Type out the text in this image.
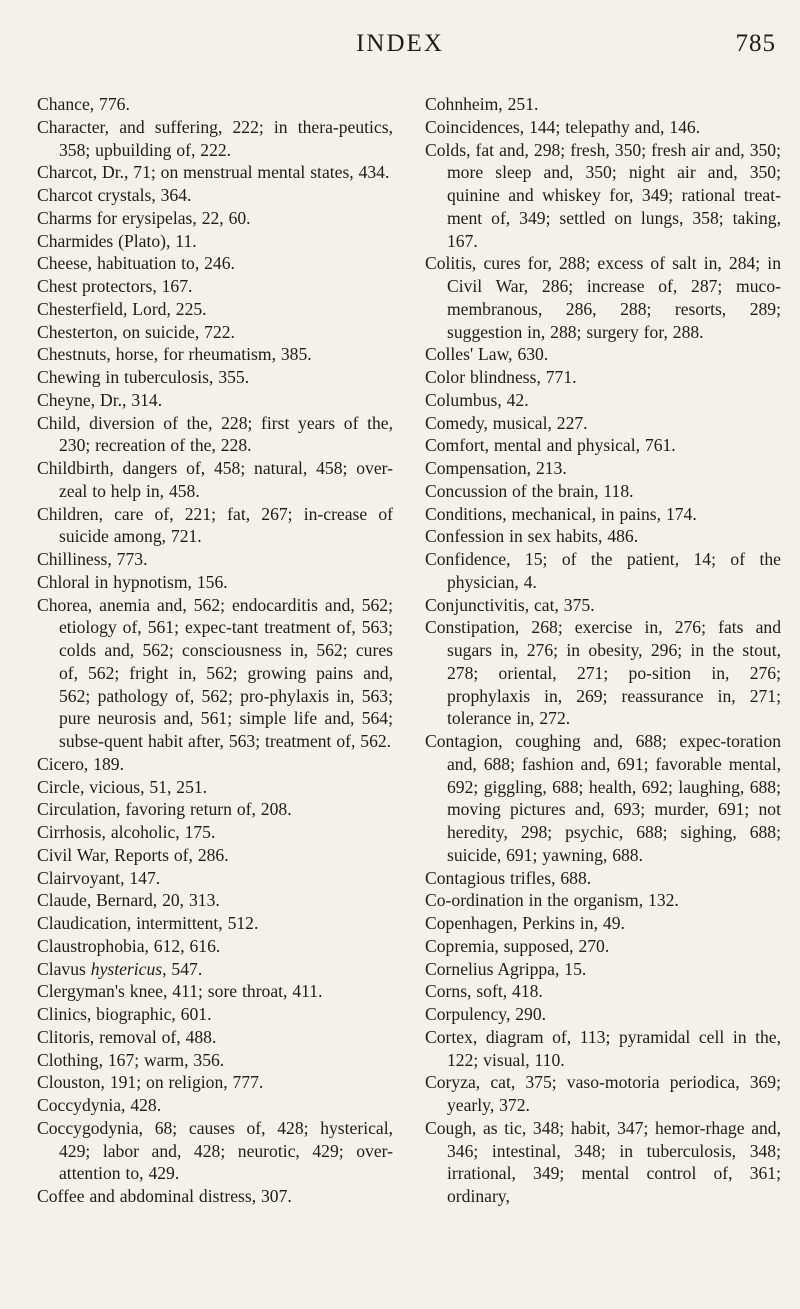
INDEX	785

Chance, 776.

Character, and suffering, 222; in thera-peutics, 358; upbuilding of, 222.

Charcot, Dr., 71; on menstrual mental states, 434.

Charcot crystals, 364.

Charms for erysipelas, 22, 60.

Charmides (Plato), 11.

Cheese, habituation to, 246.

Chest protectors, 167.

Chesterfield, Lord, 225.

Chesterton, on suicide, 722.

Chestnuts, horse, for rheumatism, 385.

Chewing in tuberculosis, 355.

Cheyne, Dr., 314.

Child, diversion of the, 228; first years of the, 230; recreation of the, 228.

Childbirth, dangers of, 458; natural, 458; over-zeal to help in, 458.

Children, care of, 221; fat, 267; in-crease of suicide among, 721.

Chilliness, 773.

Chloral in hypnotism, 156.

Chorea, anemia and, 562; endocarditis and, 562; etiology of, 561; expec-tant treatment of, 563; colds and, 562; consciousness in, 562; cures of, 562; fright in, 562; growing pains and, 562; pathology of, 562; pro-phylaxis in, 563; pure neurosis and, 561; simple life and, 564; subse-quent habit after, 563; treatment of, 562.

Cicero, 189.

Circle, vicious, 51, 251.

Circulation, favoring return of, 208.

Cirrhosis, alcoholic, 175.

Civil War, Reports of, 286.

Clairvoyant, 147.

Claude, Bernard, 20, 313.

Claudication, intermittent, 512.

Claustrophobia, 612, 616.

Clavus hystericus, 547.

Clergyman's knee, 411; sore throat, 411.

Clinics, biographic, 601.

Clitoris, removal of, 488.

Clothing, 167; warm, 356.

Clouston, 191; on religion, 777.

Coccydynia, 428.

Coccygodynia, 68; causes of, 428; hysterical, 429; labor and, 428; neurotic, 429; over-attention to, 429.

Coffee and abdominal distress, 307.

Cohnheim, 251.

Coincidences, 144; telepathy and, 146.

Colds, fat and, 298; fresh, 350; fresh air and, 350; more sleep and, 350; night air and, 350; quinine and whiskey for, 349; rational treat-ment of, 349; settled on lungs, 358; taking, 167.

Colitis, cures for, 288; excess of salt in, 284; in Civil War, 286; increase of, 287; muco-membranous, 286, 288; resorts, 289; suggestion in, 288; surgery for, 288.

Colles' Law, 630.

Color blindness, 771.

Columbus, 42.

Comedy, musical, 227.

Comfort, mental and physical, 761.

Compensation, 213.

Concussion of the brain, 118.

Conditions, mechanical, in pains, 174.

Confession in sex habits, 486.

Confidence, 15; of the patient, 14; of the physician, 4.

Conjunctivitis, cat, 375.

Constipation, 268; exercise in, 276; fats and sugars in, 276; in obesity, 296; in the stout, 278; oriental, 271; po-sition in, 276; prophylaxis in, 269; reassurance in, 271; tolerance in, 272.

Contagion, coughing and, 688; expec-toration and, 688; fashion and, 691; favorable mental, 692; giggling, 688; health, 692; laughing, 688; moving pictures and, 693; murder, 691; not heredity, 298; psychic, 688; sighing, 688; suicide, 691; yawning, 688.

Contagious trifles, 688.

Co-ordination in the organism, 132.

Copenhagen, Perkins in, 49.

Copremia, supposed, 270.

Cornelius Agrippa, 15.

Corns, soft, 418.

Corpulency, 290.

Cortex, diagram of, 113; pyramidal cell in the, 122; visual, 110.

Coryza, cat, 375; vaso-motoria periodica, 369; yearly, 372.

Cough, as tic, 348; habit, 347; hemor-rhage and, 346; intestinal, 348; in tuberculosis, 348; irrational, 349; mental control of, 361; ordinary,
